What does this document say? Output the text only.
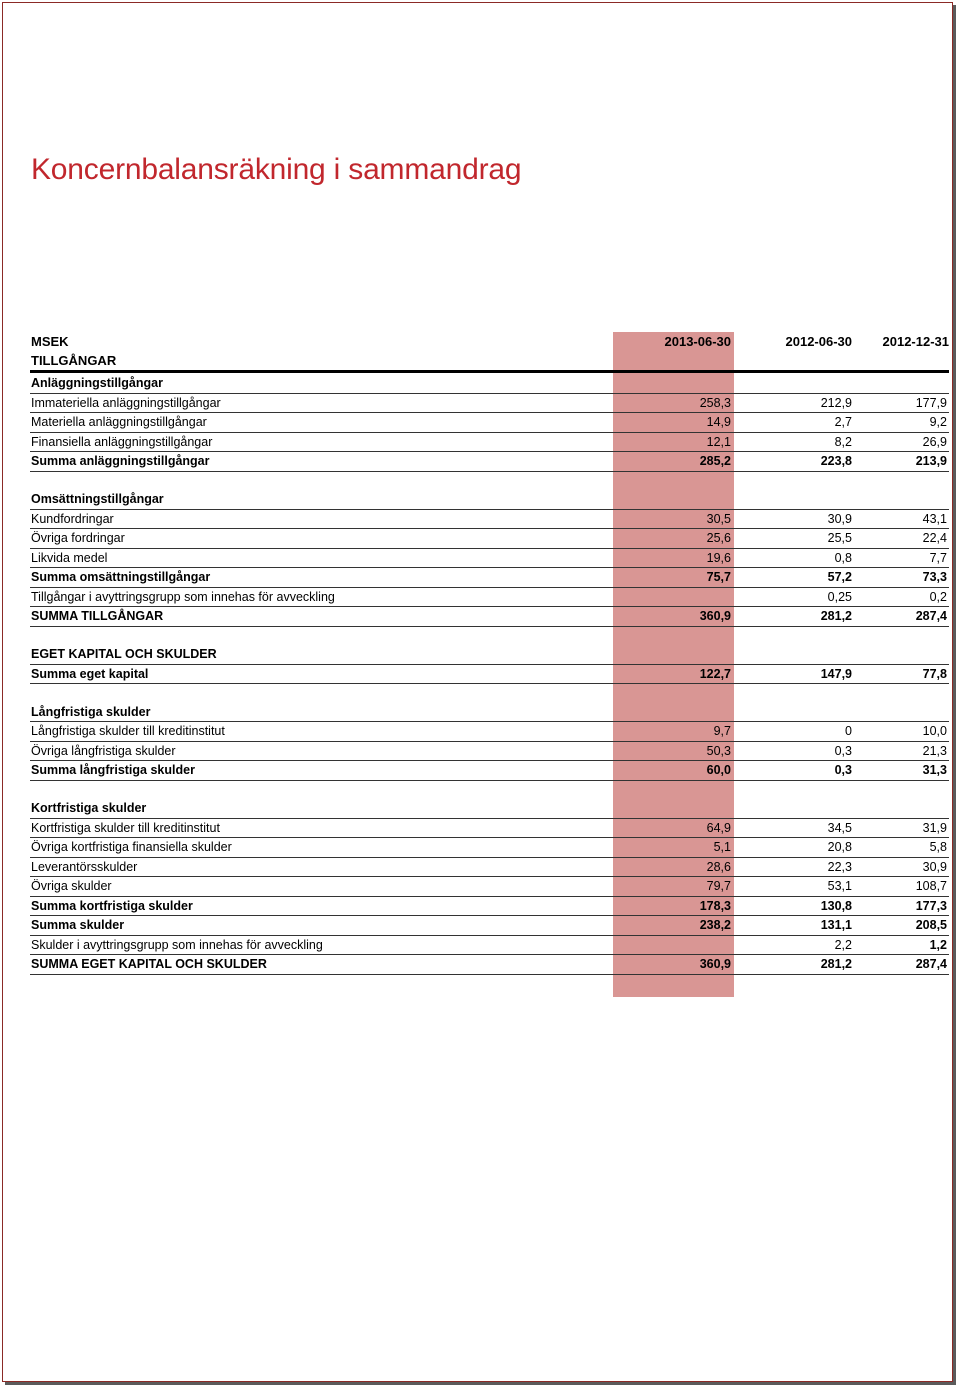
Koncernbalansräkning i sammandrag
MSEK
TILLGÅNGAR
2013-06-30	2012-06-30	2012-12-31
Anläggningstillgångar			
Immateriella anläggningstillgångar	258,3	212,9	177,9
Materiella anläggningstillgångar	14,9	2,7	9,2
Finansiella anläggningstillgångar	12,1	8,2	26,9
Summa anläggningstillgångar	285,2	223,8	213,9

Omsättningstillgångar			
Kundfordringar	30,5	30,9	43,1
Övriga fordringar	25,6	25,5	22,4
Likvida medel	19,6	0,8	7,7
Summa omsättningstillgångar	75,7	57,2	73,3
Tillgångar i avyttringsgrupp som innehas för avveckling		0,25	0,2
SUMMA TILLGÅNGAR	360,9	281,2	287,4

EGET KAPITAL OCH SKULDER			
Summa eget kapital	122,7	147,9	77,8

Långfristiga skulder			
Långfristiga skulder till kreditinstitut	9,7	0	10,0
Övriga långfristiga skulder	50,3	0,3	21,3
Summa långfristiga skulder	60,0	0,3	31,3

Kortfristiga skulder			
Kortfristiga skulder till kreditinstitut	64,9	34,5	31,9
Övriga kortfristiga finansiella skulder	5,1	20,8	5,8
Leverantörsskulder	28,6	22,3	30,9
Övriga skulder	79,7	53,1	108,7
Summa kortfristiga skulder	178,3	130,8	177,3
Summa skulder	238,2	131,1	208,5
Skulder i avyttringsgrupp som innehas för avveckling		2,2	1,2
SUMMA EGET KAPITAL OCH SKULDER	360,9	281,2	287,4
